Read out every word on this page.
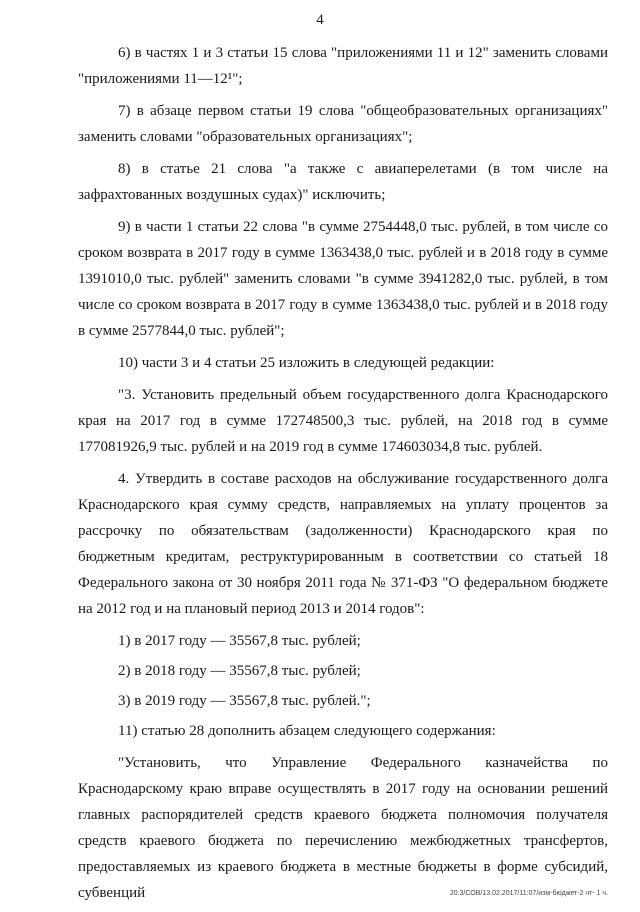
4

6) в частях 1 и 3 статьи 15 слова "приложениями 11 и 12" заменить словами "приложениями 11—12¹";

7) в абзаце первом статьи 19 слова "общеобразовательных организациях" заменить словами "образовательных организациях";

8) в статье 21 слова "а также с авиаперелетами (в том числе на зафрахтованных воздушных судах)" исключить;

9) в части 1 статьи 22 слова "в сумме 2754448,0 тыс. рублей, в том числе со сроком возврата в 2017 году в сумме 1363438,0 тыс. рублей и в 2018 году в сумме 1391010,0 тыс. рублей" заменить словами "в сумме 3941282,0 тыс. рублей, в том числе со сроком возврата в 2017 году в сумме 1363438,0 тыс. рублей и в 2018 году в сумме 2577844,0 тыс. рублей";

10) части 3 и 4 статьи 25 изложить в следующей редакции:

"3. Установить предельный объем государственного долга Краснодарского края на 2017 год в сумме 172748500,3 тыс. рублей, на 2018 год в сумме 177081926,9 тыс. рублей и на 2019 год в сумме 174603034,8 тыс. рублей.

4. Утвердить в составе расходов на обслуживание государственного долга Краснодарского края сумму средств, направляемых на уплату процентов за рассрочку по обязательствам (задолженности) Краснодарского края по бюджетным кредитам, реструктурированным в соответствии со статьей 18 Федерального закона от 30 ноября 2011 года № 371-ФЗ "О федеральном бюджете на 2012 год и на плановый период 2013 и 2014 годов":

1) в 2017 году — 35567,8 тыс. рублей;

2) в 2018 году — 35567,8 тыс. рублей;

3) в 2019 году — 35567,8 тыс. рублей.";

11) статью 28 дополнить абзацем следующего содержания:

"Установить, что Управление Федерального казначейства по Краснодарскому краю вправе осуществлять в 2017 году на основании решений главных распорядителей средств краевого бюджета полномочия получателя средств краевого бюджета по перечислению межбюджетных трансфертов, предоставляемых из краевого бюджета в местные бюджеты в форме субсидий, субвенций	20.3/СОВ/13.02.2017/11:07/изм-бюджет-2 чт- 1 ч.
